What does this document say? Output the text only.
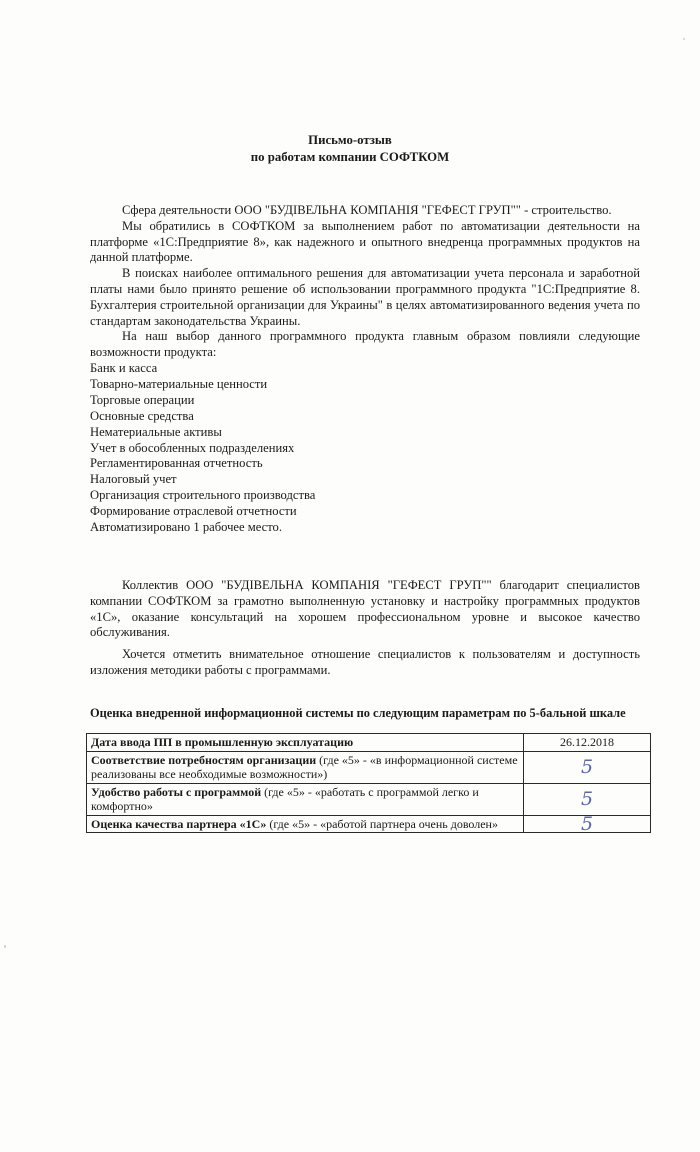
Письмо-отзыв
по работам компании СОФТКОМ

Сфера деятельности ООО "БУДІВЕЛЬНА КОМПАНІЯ "ГЕФЕСТ ГРУП"" - строительство.

Мы обратились в СОФТКОМ за выполнением работ по автоматизации деятельности на платформе «1С:Предприятие 8», как надежного и опытного внедренца программных продуктов на данной платформе.

В поисках наиболее оптимального решения для автоматизации учета персонала и заработной платы нами было принято решение об использовании программного продукта "1С:Предприятие 8. Бухгалтерия строительной организации для Украины" в целях автоматизированного ведения учета по стандартам законодательства Украины.

На наш выбор данного программного продукта главным образом повлияли следующие возможности продукта:

Банк и касса
Товарно-материальные ценности
Торговые операции
Основные средства
Нематериальные активы
Учет в обособленных подразделениях
Регламентированная отчетность
Налоговый учет
Организация строительного производства
Формирование отраслевой отчетности
Автоматизировано 1 рабочее место.

Коллектив ООО "БУДІВЕЛЬНА КОМПАНІЯ "ГЕФЕСТ ГРУП"" благодарит специалистов компании СОФТКОМ за грамотно выполненную установку и настройку программных продуктов «1С», оказание консультаций на хорошем профессиональном уровне и высокое качество обслуживания.

Хочется отметить внимательное отношение специалистов к пользователям и доступность изложения методики работы с программами.

Оценка внедренной информационной системы по следующим параметрам по 5-бальной шкале
Дата ввода ПП в промышленную эксплуатацию	26.12.2018
Соответствие потребностям организации (где «5» - «в информационной системе реализованы все необходимые возможности»)	5
Удобство работы с программой (где «5» - «работать с программой легко и комфортно»	5
Оценка качества партнера «1С» (где «5» - «работой партнера очень доволен»	5
